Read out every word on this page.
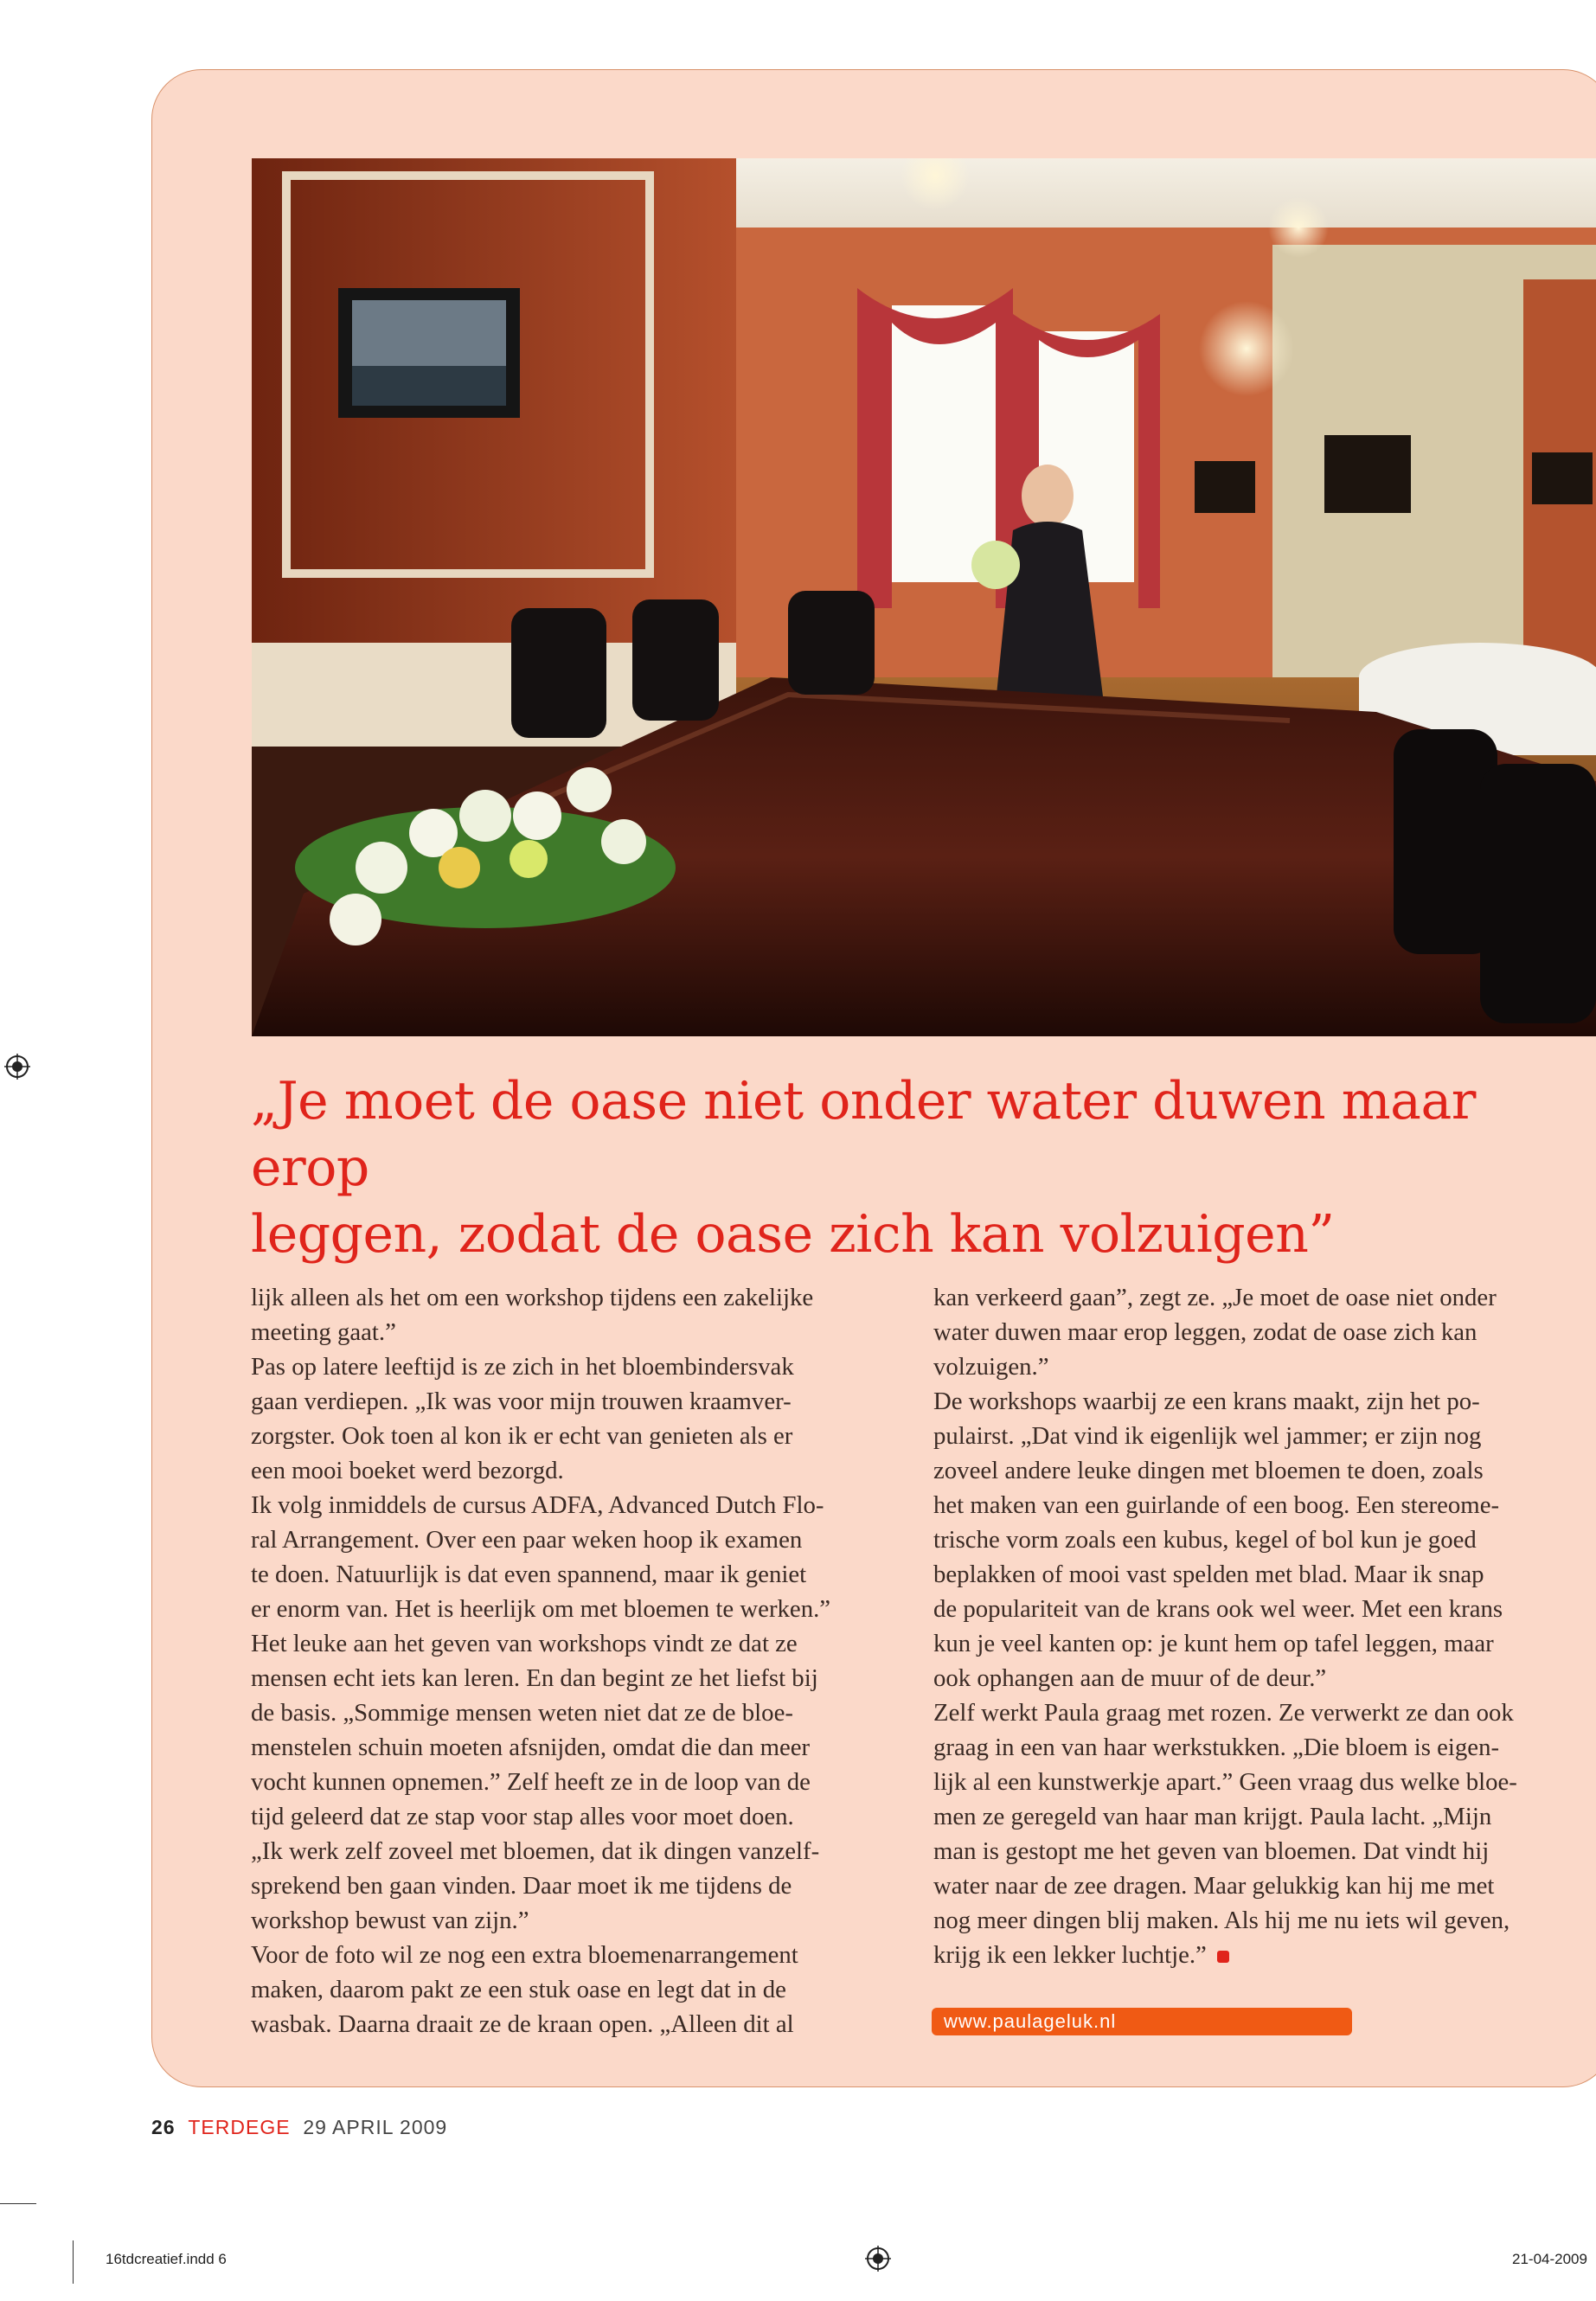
„Je moet de oase niet onder water duwen maar erop
leggen, zodat de oase zich kan volzuigen”

lijk alleen als het om een workshop tijdens een zakelijke

meeting gaat.”

Pas op latere leeftijd is ze zich in het bloembindersvak

gaan verdiepen. „Ik was voor mijn trouwen kraamver-

zorgster. Ook toen al kon ik er echt van genieten als er

een mooi boeket werd bezorgd.

Ik volg inmiddels de cursus ADFA, Advanced Dutch Flo-

ral Arrangement. Over een paar weken hoop ik examen

te doen. Natuurlijk is dat even spannend, maar ik geniet

er enorm van. Het is heerlijk om met bloemen te werken.”

Het leuke aan het geven van workshops vindt ze dat ze

mensen echt iets kan leren. En dan begint ze het liefst bij

de basis. „Sommige mensen weten niet dat ze de bloe-

menstelen schuin moeten afsnijden, omdat die dan meer

vocht kunnen opnemen.” Zelf heeft ze in de loop van de

tijd geleerd dat ze stap voor stap alles voor moet doen.

„Ik werk zelf zoveel met bloemen, dat ik dingen vanzelf-

sprekend ben gaan vinden. Daar moet ik me tijdens de

workshop bewust van zijn.”

Voor de foto wil ze nog een extra bloemenarrangement

maken, daarom pakt ze een stuk oase en legt dat in de

wasbak. Daarna draait ze de kraan open. „Alleen dit al

kan verkeerd gaan”, zegt ze. „Je moet de oase niet onder

water duwen maar erop leggen, zodat de oase zich kan

volzuigen.”

De workshops waarbij ze een krans maakt, zijn het po-

pulairst. „Dat vind ik eigenlijk wel jammer; er zijn nog

zoveel andere leuke dingen met bloemen te doen, zoals

het maken van een guirlande of een boog. Een stereome-

trische vorm zoals een kubus, kegel of bol kun je goed

beplakken of mooi vast spelden met blad. Maar ik snap

de populariteit van de krans ook wel weer. Met een krans

kun je veel kanten op: je kunt hem op tafel leggen, maar

ook ophangen aan de muur of de deur.”

Zelf werkt Paula graag met rozen. Ze verwerkt ze dan ook

graag in een van haar werkstukken. „Die bloem is eigen-

lijk al een kunstwerkje apart.” Geen vraag dus welke bloe-

men ze geregeld van haar man krijgt. Paula lacht. „Mijn

man is gestopt me het geven van bloemen. Dat vindt hij

water naar de zee dragen. Maar gelukkig kan hij me met

nog meer dingen blij maken. Als hij me nu iets wil geven,

krijg ik een lekker luchtje.”

www.paulageluk.nl
26 TERDEGE 29 APRIL 2009
16tdcreatief.indd 6	21-04-2009
